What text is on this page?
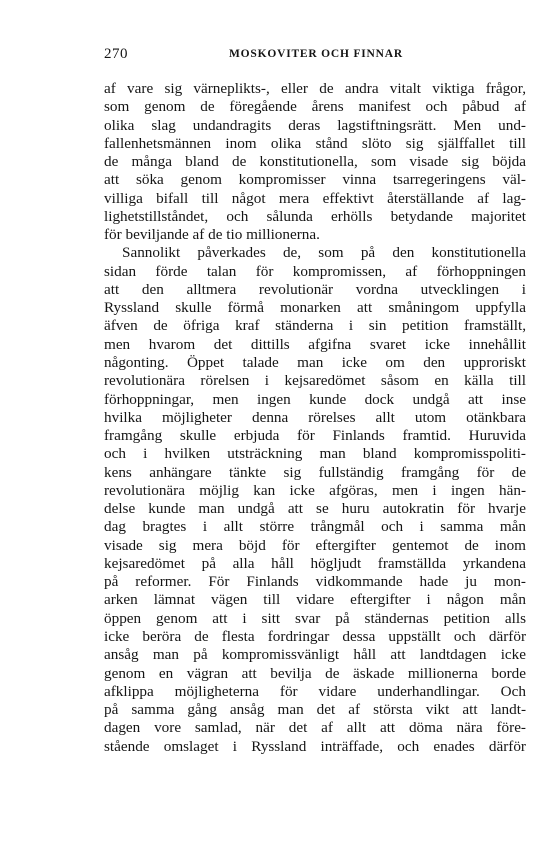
270	MOSKOVITER OCH FINNAR
af vare sig värneplikts-, eller de andra vitalt viktiga frågor,
som genom de föregående årens manifest och påbud af
olika slag undandragits deras lagstiftningsrätt. Men und-
fallenhetsmännen inom olika stånd slöto sig själffallet till
de många bland de konstitutionella, som visade sig böjda
att söka genom kompromisser vinna tsarregeringens väl-
villiga bifall till något mera effektivt återställande af lag-
lighetstillståndet, och sålunda erhölls betydande majoritet
för beviljande af de tio millionerna.
Sannolikt påverkades de, som på den konstitutionella
sidan förde talan för kompromissen, af förhoppningen
att den alltmera revolutionär vordna utvecklingen i
Ryssland skulle förmå monarken att småningom uppfylla
äfven de öfriga kraf ständerna i sin petition framställt,
men hvarom det dittills afgifna svaret icke innehållit
någonting. Öppet talade man icke om den upproriskt
revolutionära rörelsen i kejsaredömet såsom en källa till
förhoppningar, men ingen kunde dock undgå att inse
hvilka möjligheter denna rörelses allt utom otänkbara
framgång skulle erbjuda för Finlands framtid. Huruvida
och i hvilken utsträckning man bland kompromisspoliti-
kens anhängare tänkte sig fullständig framgång för de
revolutionära möjlig kan icke afgöras, men i ingen hän-
delse kunde man undgå att se huru autokratin för hvarje
dag bragtes i allt större trångmål och i samma mån
visade sig mera böjd för eftergifter gentemot de inom
kejsaredömet på alla håll högljudt framställda yrkandena
på reformer. För Finlands vidkommande hade ju mon-
arken lämnat vägen till vidare eftergifter i någon mån
öppen genom att i sitt svar på ständernas petition alls
icke beröra de flesta fordringar dessa uppställt och därför
ansåg man på kompromissvänligt håll att landtdagen icke
genom en vägran att bevilja de äskade millionerna borde
afklippa möjligheterna för vidare underhandlingar. Och
på samma gång ansåg man det af största vikt att landt-
dagen vore samlad, när det af allt att döma nära före-
stående omslaget i Ryssland inträffade, och enades därför
